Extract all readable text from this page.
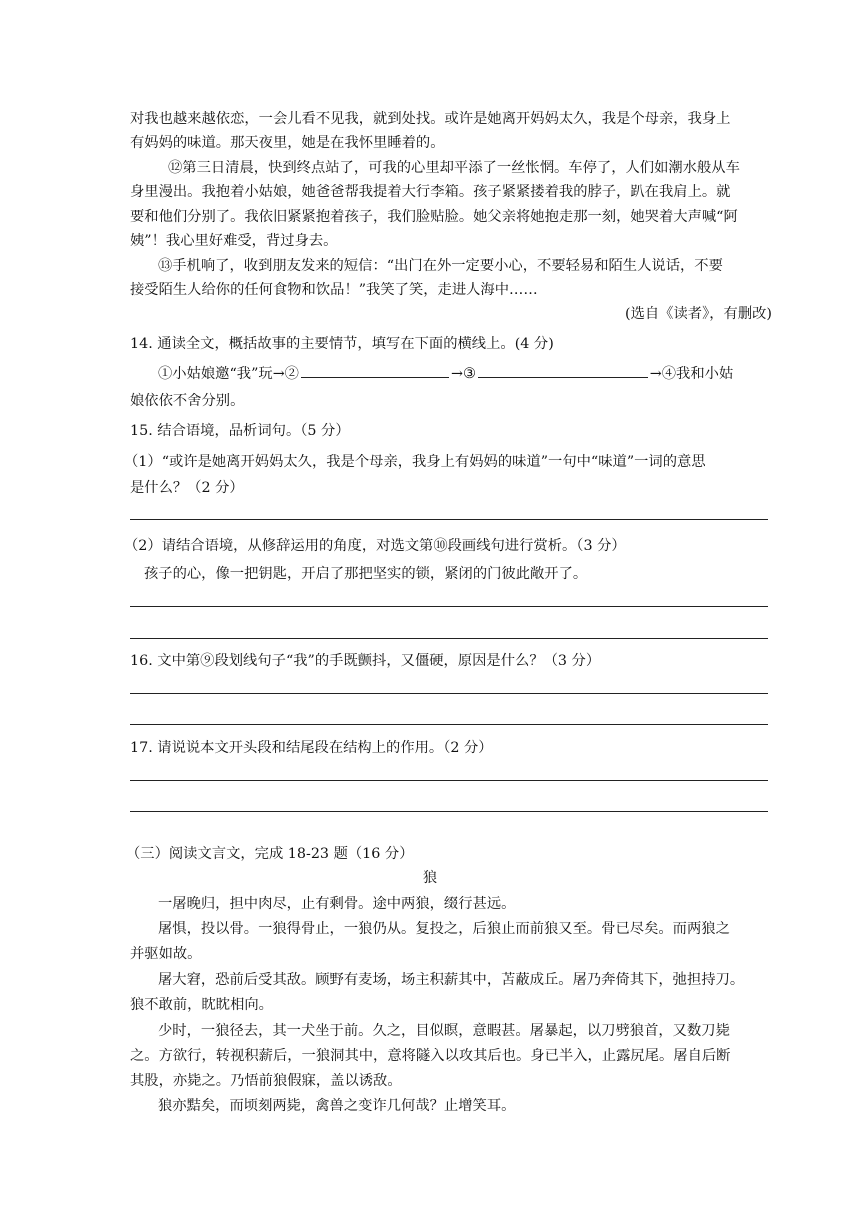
对我也越来越依恋，一会儿看不见我，就到处找。或许是她离开妈妈太久，我是个母亲，我身上
有妈妈的味道。那天夜里，她是在我怀里睡着的。
⑫第三日清晨，快到终点站了，可我的心里却平添了一丝怅惘。车停了，人们如潮水般从车
身里漫出。我抱着小姑娘，她爸爸帮我提着大行李箱。孩子紧紧搂着我的脖子，趴在我肩上。就
要和他们分别了。我依旧紧紧抱着孩子，我们脸贴脸。她父亲将她抱走那一刻，她哭着大声喊“阿
姨”！我心里好难受，背过身去。
⑬手机响了，收到朋友发来的短信：“出门在外一定要小心，不要轻易和陌生人说话，不要
接受陌生人给你的任何食物和饮品！”我笑了笑，走进人海中……
(选自《读者》，有删改)
14. 通读全文，概括故事的主要情节，填写在下面的横线上。(4 分)
①小姑娘邀“我”玩→②	→③	→④我和小姑
娘依依不舍分别。
15. 结合语境，品析词句。（5 分）
（1）“或许是她离开妈妈太久，我是个母亲，我身上有妈妈的味道”一句中“味道”一词的意思
是什么？（2 分）
（2）请结合语境，从修辞运用的角度，对选文第⑩段画线句进行赏析。（3 分）
孩子的心，像一把钥匙，开启了那把坚实的锁，紧闭的门彼此敞开了。
16. 文中第⑨段划线句子“我”的手既颤抖，又僵硬，原因是什么？（3 分）
17. 请说说本文开头段和结尾段在结构上的作用。（2 分）
（三）阅读文言文，完成 18-23 题（16 分）
狼
一屠晚归，担中肉尽，止有剩骨。途中两狼，缀行甚远。
屠惧，投以骨。一狼得骨止，一狼仍从。复投之，后狼止而前狼又至。骨已尽矣。而两狼之
并驱如故。
屠大窘，恐前后受其敌。顾野有麦场，场主积薪其中，苫蔽成丘。屠乃奔倚其下，弛担持刀。
狼不敢前，眈眈相向。
少时，一狼径去，其一犬坐于前。久之，目似瞑，意暇甚。屠暴起，以刀劈狼首，又数刀毙
之。方欲行，转视积薪后，一狼洞其中，意将隧入以攻其后也。身已半入，止露尻尾。屠自后断
其股，亦毙之。乃悟前狼假寐，盖以诱敌。
狼亦黠矣，而顷刻两毙，禽兽之变诈几何哉？止增笑耳。
